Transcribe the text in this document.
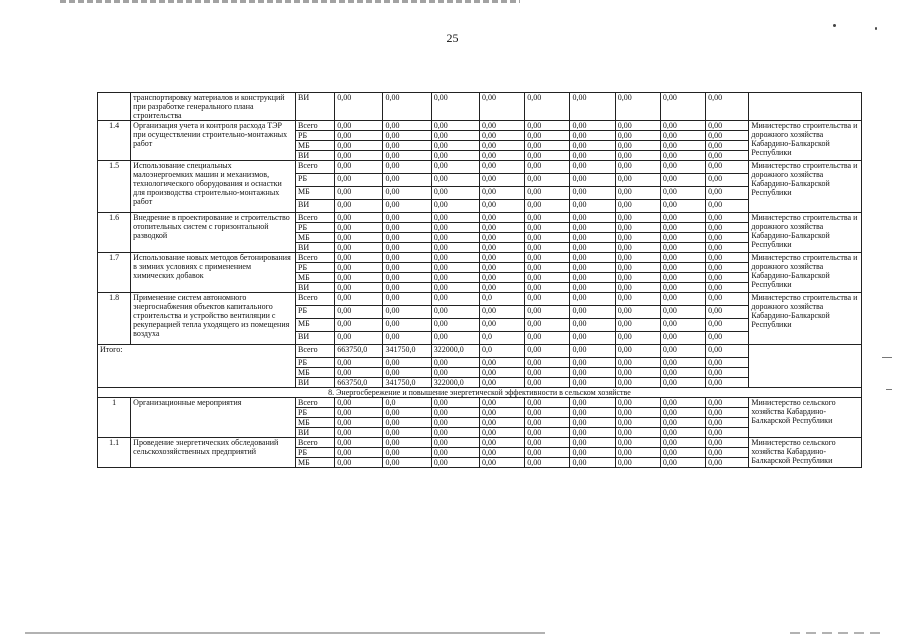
25
	транспортировку материалов и конструкций при разработке генерального плана строительства	ВИ	0,00	0,00	0,00	0,00	0,00	0,00	0,00	0,00	0,00	
1.4	Организация учета и контроля расхода ТЭР при осуществлении строительно-монтажных работ	Всего	0,00	0,00	0,00	0,00	0,00	0,00	0,00	0,00	0,00	Министерство строительства и дорожного хозяйства Кабардино-Балкарской Республики
		РБ	0,00	0,00	0,00	0,00	0,00	0,00	0,00	0,00	0,00	
		МБ	0,00	0,00	0,00	0,00	0,00	0,00	0,00	0,00	0,00	
		ВИ	0,00	0,00	0,00	0,00	0,00	0,00	0,00	0,00	0,00	
1.5	Использование специальных малоэнергоемких машин и механизмов, технологического оборудования и оснастки для производства строительно-монтажных работ	Всего	0,00	0,00	0,00	0,00	0,00	0,00	0,00	0,00	0,00	Министерство строительства и дорожного хозяйства Кабардино-Балкарской Республики
		РБ	0,00	0,00	0,00	0,00	0,00	0,00	0,00	0,00	0,00	
		МБ	0,00	0,00	0,00	0,00	0,00	0,00	0,00	0,00	0,00	
		ВИ	0,00	0,00	0,00	0,00	0,00	0,00	0,00	0,00	0,00	
1.6	Внедрение в проектирование и строительство отопительных систем с горизонтальной разводкой	Всего	0,00	0,00	0,00	0,00	0,00	0,00	0,00	0,00	0,00	Министерство строительства и дорожного хозяйства Кабардино-Балкарской Республики
		РБ	0,00	0,00	0,00	0,00	0,00	0,00	0,00	0,00	0,00	
		МБ	0,00	0,00	0,00	0,00	0,00	0,00	0,00	0,00	0,00	
		ВИ	0,00	0,00	0,00	0,00	0,00	0,00	0,00	0,00	0,00	
1.7	Использование новых методов бетонирования в зимних условиях с применением химических добавок	Всего	0,00	0,00	0,00	0,00	0,00	0,00	0,00	0,00	0,00	Министерство строительства и дорожного хозяйства Кабардино-Балкарской Республики
		РБ	0,00	0,00	0,00	0,00	0,00	0,00	0,00	0,00	0,00	
		МБ	0,00	0,00	0,00	0,00	0,00	0,00	0,00	0,00	0,00	
		ВИ	0,00	0,00	0,00	0,00	0,00	0,00	0,00	0,00	0,00	
1.8	Применение систем автономного энергоснабжения объектов капитального строительства и устройство вентиляции с рекуперацией тепла уходящего из помещения воздуха	Всего	0,00	0,00	0,00	0,0	0,00	0,00	0,00	0,00	0,00	Министерство строительства и дорожного хозяйства Кабардино-Балкарской Республики
		РБ	0,00	0,00	0,00	0,00	0,00	0,00	0,00	0,00	0,00	
		МБ	0,00	0,00	0,00	0,00	0,00	0,00	0,00	0,00	0,00	
		ВИ	0,00	0,00	0,00	0,0	0,00	0,00	0,00	0,00	0,00	
Итого:		Всего	663750,0	341750,0	322000,0	0,0	0,00	0,00	0,00	0,00	0,00	
		РБ	0,00	0,00	0,00	0,00	0,00	0,00	0,00	0,00	0,00	
		МБ	0,00	0,00	0,00	0,00	0,00	0,00	0,00	0,00	0,00	
		ВИ	663750,0	341750,0	322000,0	0,00	0,00	0,00	0,00	0,00	0,00	
8. Энергосбережение и повышение энергетической эффективности в сельском хозяйстве												
1	Организационные мероприятия	Всего	0,00	0,0	0,00	0,00	0,00	0,00	0,00	0,00	0,00	Министерство сельского хозяйства Кабардино-Балкарской Республики
		РБ	0,00	0,00	0,00	0,00	0,00	0,00	0,00	0,00	0,00	
		МБ	0,00	0,00	0,00	0,00	0,00	0,00	0,00	0,00	0,00	
		ВИ	0,00	0,00	0,00	0,00	0,00	0,00	0,00	0,00	0,00	
1.1	Проведение энергетических обследований сельскохозяйственных предприятий	Всего	0,00	0,00	0,00	0,00	0,00	0,00	0,00	0,00	0,00	Министерство сельского хозяйства Кабардино-Балкарской Республики
		РБ	0,00	0,00	0,00	0,00	0,00	0,00	0,00	0,00	0,00	
		МБ	0,00	0,00	0,00	0,00	0,00	0,00	0,00	0,00	0,00	
